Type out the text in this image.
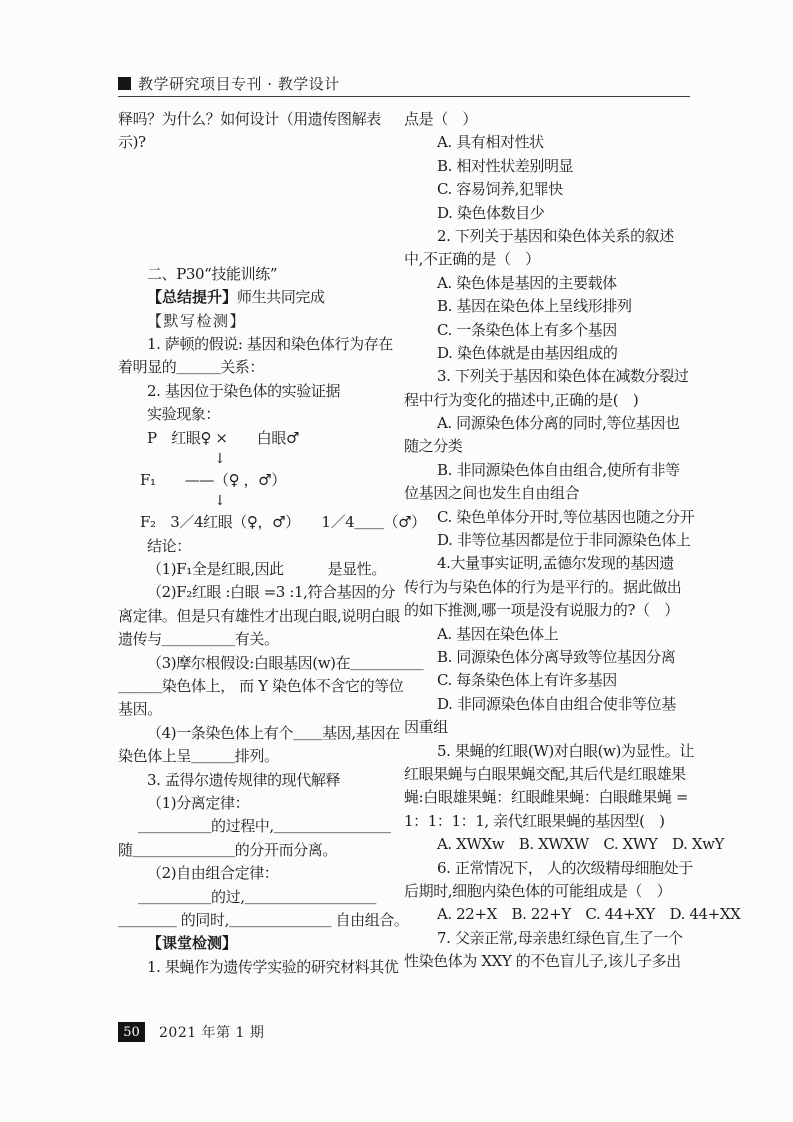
教学研究项目专刊 · 教学设计
释吗？为什么？如何设计（用遗传图解表
示)?
二、P30“技能训练”
【总结提升】师生共同完成
【默写检测】
1. 萨顿的假说: 基因和染色体行为存在
着明显的＿＿＿关系：
2. 基因位于染色体的实验证据
实验现象：
P　红眼♀ ×　　白眼♂
↓
F₁　　——（♀ ，♂）
↓
F₂　3／4红眼（♀，♂）　　1／4＿＿（♂）
结论：
（1)F₁全是红眼,因此　　　是显性。
（2)F₂红眼 :白眼 =3 :1,符合基因的分
离定律。但是只有雄性才出现白眼,说明白眼
遗传与＿＿＿＿＿有关。
（3)摩尔根假设:白眼基因(w)在＿＿＿＿＿
＿＿＿染色体上， 而 Y 染色体不含它的等位
基因。
（4)一条染色体上有个＿＿基因,基因在
染色体上呈＿＿＿排列。
3. 孟得尔遗传规律的现代解释
（1)分离定律：
＿＿＿＿＿的过程中,＿＿＿＿＿＿＿＿
随＿＿＿＿＿＿＿的分开而分离。
（2)自由组合定律：
＿＿＿＿＿的过,＿＿＿＿＿＿＿＿＿
＿＿＿＿ 的同时,＿＿＿＿＿＿＿ 自由组合。
【课堂检测】
1. 果蝇作为遗传学实验的研究材料其优
点是（　）
A. 具有相对性状
B. 相对性状差别明显
C. 容易饲养,犯罪快
D. 染色体数目少
2. 下列关于基因和染色体关系的叙述
中,不正确的是（　）
A. 染色体是基因的主要载体
B. 基因在染色体上呈线形排列
C. 一条染色体上有多个基因
D. 染色体就是由基因组成的
3. 下列关于基因和染色体在减数分裂过
程中行为变化的描述中,正确的是(　)
A. 同源染色体分离的同时,等位基因也
随之分类
B. 非同源染色体自由组合,使所有非等
位基因之间也发生自由组合
C. 染色单体分开时,等位基因也随之分开
D. 非等位基因都是位于非同源染色体上
4.大量事实证明,孟德尔发现的基因遗
传行为与染色体的行为是平行的。据此做出
的如下推测,哪一项是没有说服力的?（　）
A. 基因在染色体上
B. 同源染色体分离导致等位基因分离
C. 每条染色体上有许多基因
D. 非同源染色体自由组合使非等位基
因重组
5. 果蝇的红眼(W)对白眼(w)为显性。让
红眼果蝇与白眼果蝇交配,其后代是红眼雄果
蝇:白眼雄果蝇：红眼雌果蝇：白眼雌果蝇 =
1：1：1：1, 亲代红眼果蝇的基因型(　)
A. XWXw　B. XWXW　C. XWY　D. XwY
6. 正常情况下， 人的次级精母细胞处于
后期时,细胞内染色体的可能组成是（　）
A. 22+X　B. 22+Y　C. 44+XY　D. 44+XX
7. 父亲正常,母亲患红绿色盲,生了一个
性染色体为 XXY 的不色盲儿子,该儿子多出
50	2021 年第 1 期
